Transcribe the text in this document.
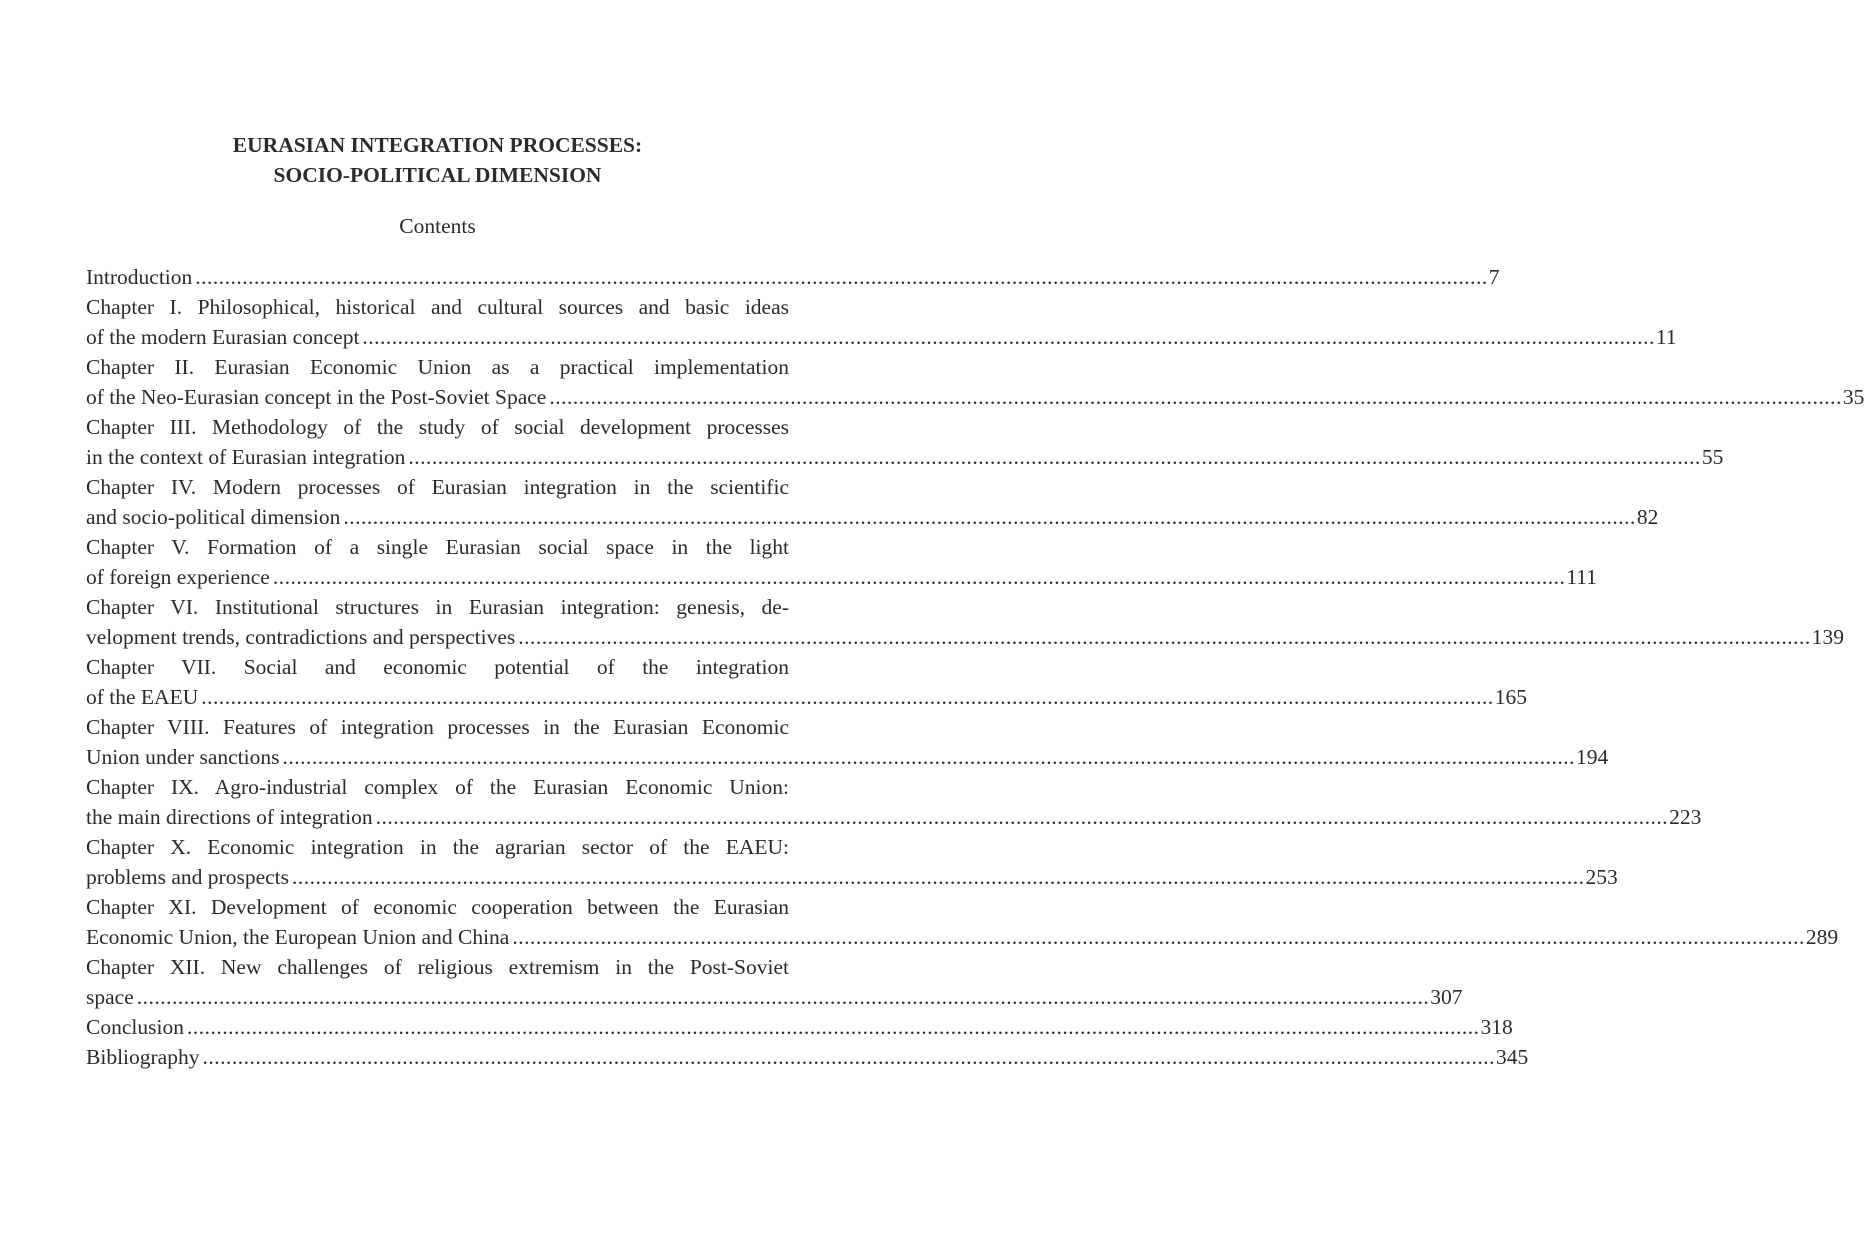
EURASIAN INTEGRATION PROCESSES:
SOCIO-POLITICAL DIMENSION
Contents
Introduction ............................................................................................................................................................................................................................ 7
Chapter I. Philosophical, historical and cultural sources and basic ideas
of the modern Eurasian concept ............................................................................................................................................................................................................................ 11
Chapter II. Eurasian Economic Union as a practical implementation
of the Neo-Eurasian concept in the Post-Soviet Space ............................................................................................................................................................................................................................ 35
Chapter III. Methodology of the study of social development processes
in the context of Eurasian integration ............................................................................................................................................................................................................................ 55
Chapter IV. Modern processes of Eurasian integration in the scientific
and socio-political dimension ............................................................................................................................................................................................................................ 82
Chapter V. Formation of a single Eurasian social space in the light
of foreign experience ............................................................................................................................................................................................................................ 111
Chapter VI. Institutional structures in Eurasian integration: genesis, de-
velopment trends, contradictions and perspectives ............................................................................................................................................................................................................................ 139
Chapter VII. Social and economic potential of the integration
of the EAEU ............................................................................................................................................................................................................................ 165
Chapter VIII. Features of integration processes in the Eurasian Economic
Union under sanctions ............................................................................................................................................................................................................................ 194
Chapter IX. Agro-industrial complex of the Eurasian Economic Union:
the main directions of integration ............................................................................................................................................................................................................................ 223
Chapter X. Economic integration in the agrarian sector of the EAEU:
problems and prospects ............................................................................................................................................................................................................................ 253
Chapter XI. Development of economic cooperation between the Eurasian
Economic Union, the European Union and China ............................................................................................................................................................................................................................ 289
Chapter XII. New challenges of religious extremism in the Post-Soviet
space ............................................................................................................................................................................................................................ 307
Conclusion ............................................................................................................................................................................................................................ 318
Bibliography ............................................................................................................................................................................................................................ 345
